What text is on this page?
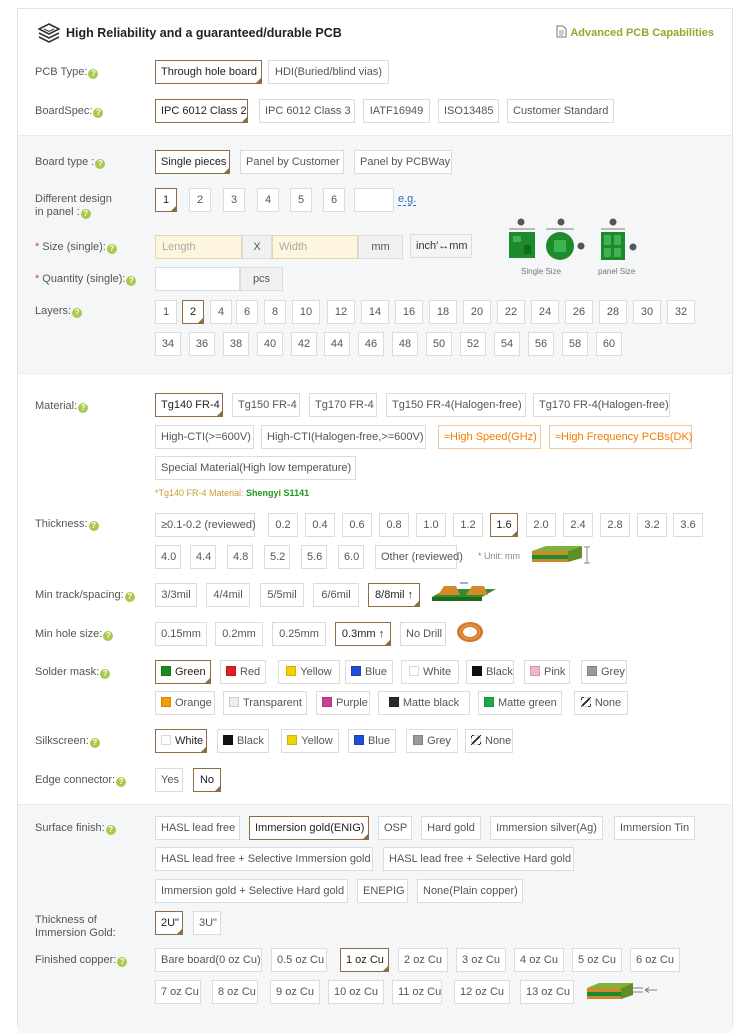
High Reliability and a guaranteed/durable PCB	Advanced PCB Capabilities
PCB Type: ?	Through hole board	HDI(Buried/blind vias)
BoardSpec: ?	IPC 6012 Class 2	IPC 6012 Class 3	IATF16949	ISO13485	Customer Standard
Board type : ?	Single pieces	Panel by Customer	Panel by PCBWay
Different design
in panel : ?
1	2	3	4	5	6	e.g.
* Size (single): ?	Length	X	Width	mm	inch′↔mm
Single Size	panel Size
* Quantity (single): ?	pcs
Layers: ?	1	2	4	6	8	10	12	14	16	18	20	22	24	26	28	30	32
34	36	38	40	42	44	46	48	50	52	54	56	58	60
Material: ?	Tg140 FR-4	Tg150 FR-4	Tg170 FR-4	Tg150 FR-4(Halogen-free)	Tg170 FR-4(Halogen-free)
High-CTI(>=600V)	High-CTI(Halogen-free,>=600V)	≈High Speed(GHz)	≈High Frequency PCBs(DK)
Special Material(High low temperature)
*Tg140 FR-4 Material: Shengyi S1141
Thickness: ?	≥0.1-0.2 (reviewed)	0.2	0.4	0.6	0.8	1.0	1.2	1.6	2.0	2.4	2.8	3.2	3.6
4.0	4.4	4.8	5.2	5.6	6.0	Other (reviewed) * Unit: mm
Min track/spacing: ?	3/3mil	4/4mil	5/5mil	6/6mil	8/8mil ↑
Min hole size: ?	0.15mm	0.2mm	0.25mm	0.3mm ↑	No Drill
Solder mask: ?	Green	Red	Yellow	Blue	White	Black	Pink	Grey
Orange	Transparent	Purple	Matte black	Matte green	None
Silkscreen: ?	White	Black	Yellow	Blue	Grey	None
Edge connector: ?	Yes	No
Surface finish: ?	HASL lead free	Immersion gold(ENIG)	OSP	Hard gold	Immersion silver(Ag)	Immersion Tin
HASL lead free + Selective Immersion gold	HASL lead free + Selective Hard gold
Immersion gold + Selective Hard gold	ENEPIG	None(Plain copper)
Thickness of
Immersion Gold:
2U"	3U"
Finished copper: ?	Bare board(0 oz Cu)	0.5 oz Cu	1 oz Cu	2 oz Cu	3 oz Cu	4 oz Cu	5 oz Cu	6 oz Cu
7 oz Cu	8 oz Cu	9 oz Cu	10 oz Cu	11 oz Cu	12 oz Cu	13 oz Cu
